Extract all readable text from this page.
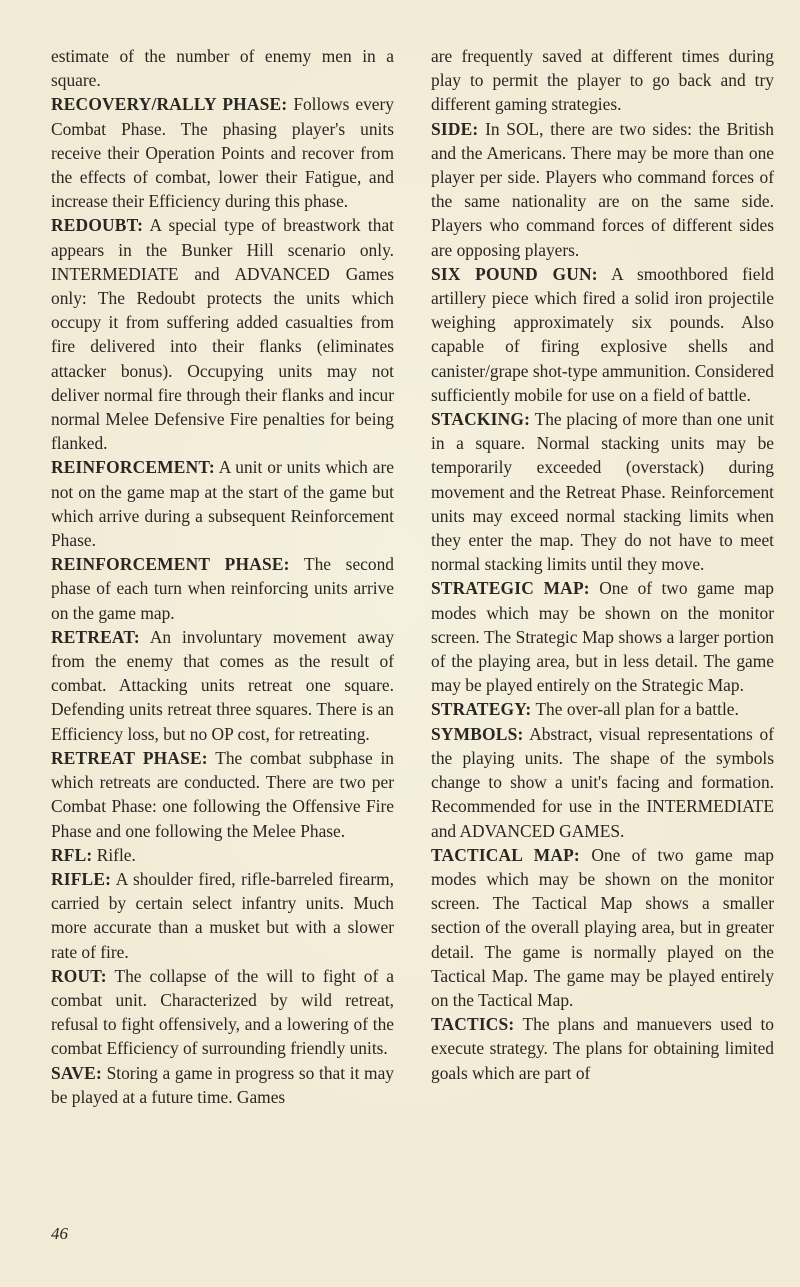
estimate of the number of enemy men in a square.

RECOVERY/RALLY PHASE: Follows every Combat Phase. The phasing player's units receive their Operation Points and recover from the effects of combat, lower their Fatigue, and increase their Efficiency during this phase.

REDOUBT: A special type of breastwork that appears in the Bunker Hill scenario only. INTERMEDIATE and ADVANCED Games only: The Redoubt protects the units which occupy it from suffering added casualties from fire delivered into their flanks (eliminates attacker bonus). Occupying units may not deliver normal fire through their flanks and incur normal Melee Defensive Fire penalties for being flanked.

REINFORCEMENT: A unit or units which are not on the game map at the start of the game but which arrive during a subsequent Reinforcement Phase.

REINFORCEMENT PHASE: The second phase of each turn when reinforcing units arrive on the game map.

RETREAT: An involuntary movement away from the enemy that comes as the result of combat. Attacking units retreat one square. Defending units retreat three squares. There is an Efficiency loss, but no OP cost, for retreating.

RETREAT PHASE: The combat subphase in which retreats are conducted. There are two per Combat Phase: one following the Offensive Fire Phase and one following the Melee Phase.

RFL: Rifle.

RIFLE: A shoulder fired, rifle-barreled firearm, carried by certain select infantry units. Much more accurate than a musket but with a slower rate of fire.

ROUT: The collapse of the will to fight of a combat unit. Characterized by wild retreat, refusal to fight offensively, and a lowering of the combat Efficiency of surrounding friendly units.

SAVE: Storing a game in progress so that it may be played at a future time. Games

are frequently saved at different times during play to permit the player to go back and try different gaming strategies.

SIDE: In SOL, there are two sides: the British and the Americans. There may be more than one player per side. Players who command forces of the same nationality are on the same side. Players who command forces of different sides are opposing players.

SIX POUND GUN: A smoothbored field artillery piece which fired a solid iron projectile weighing approximately six pounds. Also capable of firing explosive shells and canister/grape shot-type ammunition. Considered sufficiently mobile for use on a field of battle.

STACKING: The placing of more than one unit in a square. Normal stacking units may be temporarily exceeded (overstack) during movement and the Retreat Phase. Reinforcement units may exceed normal stacking limits when they enter the map. They do not have to meet normal stacking limits until they move.

STRATEGIC MAP: One of two game map modes which may be shown on the monitor screen. The Strategic Map shows a larger portion of the playing area, but in less detail. The game may be played entirely on the Strategic Map.

STRATEGY: The over-all plan for a battle.

SYMBOLS: Abstract, visual representations of the playing units. The shape of the symbols change to show a unit's facing and formation. Recommended for use in the INTERMEDIATE and ADVANCED GAMES.

TACTICAL MAP: One of two game map modes which may be shown on the monitor screen. The Tactical Map shows a smaller section of the overall playing area, but in greater detail. The game is normally played on the Tactical Map. The game may be played entirely on the Tactical Map.

TACTICS: The plans and manuevers used to execute strategy. The plans for obtaining limited goals which are part of

46
